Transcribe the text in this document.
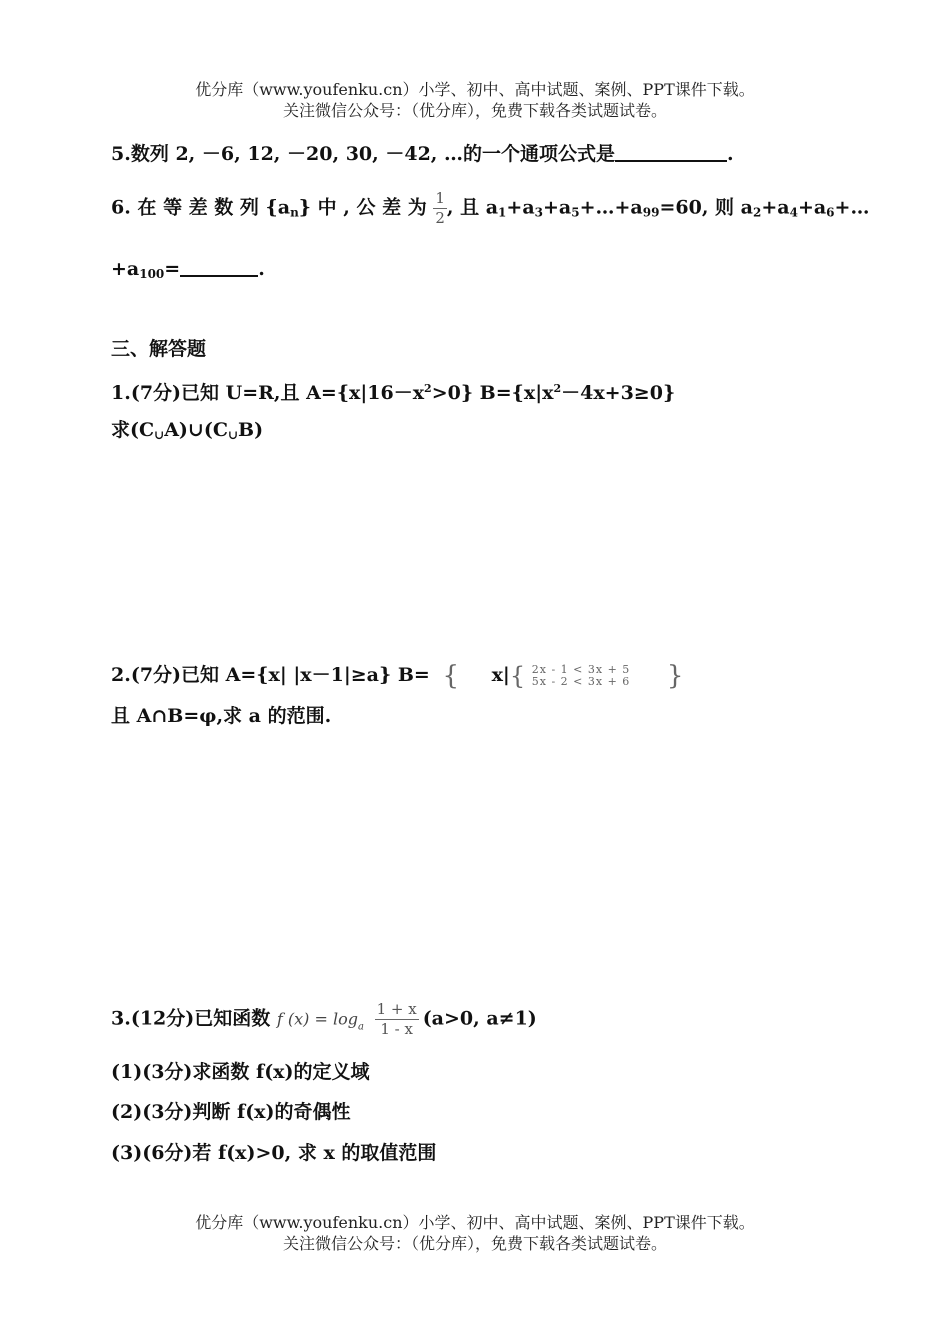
优分库（www.youfenku.cn）小学、初中、高中试题、案例、PPT课件下载。
关注微信公众号：（优分库），免费下载各类试题试卷。
5.数列 2, －6, 12, －20, 30, －42, …的一个通项公式是	.
6. 在 等 差 数 列 $\{a_n\}$ 中 , 公 差 为 $\frac{1}{2}$ , 且 $a_1+a_3+a_5+\dots+a_{99}=60$, 则 $a_2+a_4+a_6+\dots$
$+a_{100}=$	.
三、解答题
1.(7分)已知 U=R,且 $A=\{x|16-x^2>0\}$ $B=\{x|x^2-4x+3\ge 0\}$
求$(C_\cup A)\cup(C_\cup B)$
2.(7分)已知 A={x| |x－1|≥a} B= { x|{ 2x - 1 < 3x + 5
5x - 2 < 3x + 6 }
且 A∩B=φ,求 a 的范围.
3.(12分)已知函数 f $(x) = \log_a \frac{1 + x}{1 - x} (a>0$, a≠1)
(1)(3分)求函数 f(x)的定义域
(2)(3分)判断 f(x)的奇偶性
(3)(6分)若 f(x)>0, 求 x 的取值范围
优分库（www.youfenku.cn）小学、初中、高中试题、案例、PPT课件下载。
关注微信公众号：（优分库），免费下载各类试题试卷。
